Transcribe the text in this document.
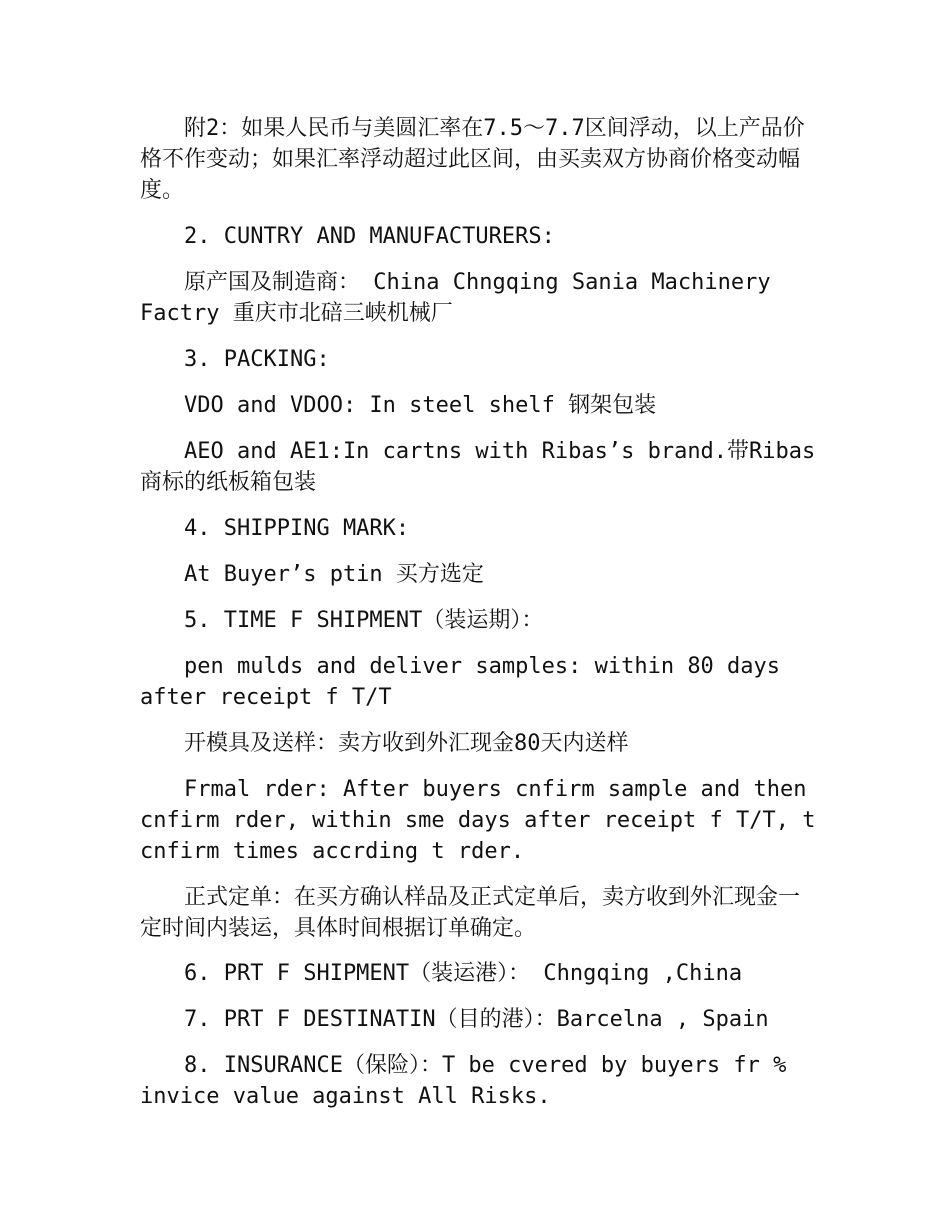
附2：如果人民币与美圆汇率在7.5～7.7区间浮动，以上产品价格不作变动；如果汇率浮动超过此区间，由买卖双方协商价格变动幅度。

2. CUNTRY AND MANUFACTURERS:

原产国及制造商： China Chngqing Sania Machinery Factry 重庆市北碚三峡机械厂

3. PACKING:

VDO and VDOO: In steel shelf 钢架包装

AEO and AE1:In cartns with Ribas’s brand.带Ribas商标的纸板箱包装

4. SHIPPING MARK:

At Buyer’s ptin 买方选定

5. TIME F SHIPMENT（装运期）：

pen mulds and deliver samples: within 80 days after receipt f T/T

开模具及送样：卖方收到外汇现金80天内送样

Frmal rder: After buyers cnfirm sample and then cnfirm rder, within sme days after receipt f T/T, t cnfirm times accrding t rder.

正式定单：在买方确认样品及正式定单后，卖方收到外汇现金一定时间内装运，具体时间根据订单确定。

6. PRT F SHIPMENT（装运港）： Chngqing ,China

7. PRT F DESTINATIN（目的港）：Barcelna , Spain

8. INSURANCE（保险）：T be cvered by buyers fr % invice value against All Risks.
